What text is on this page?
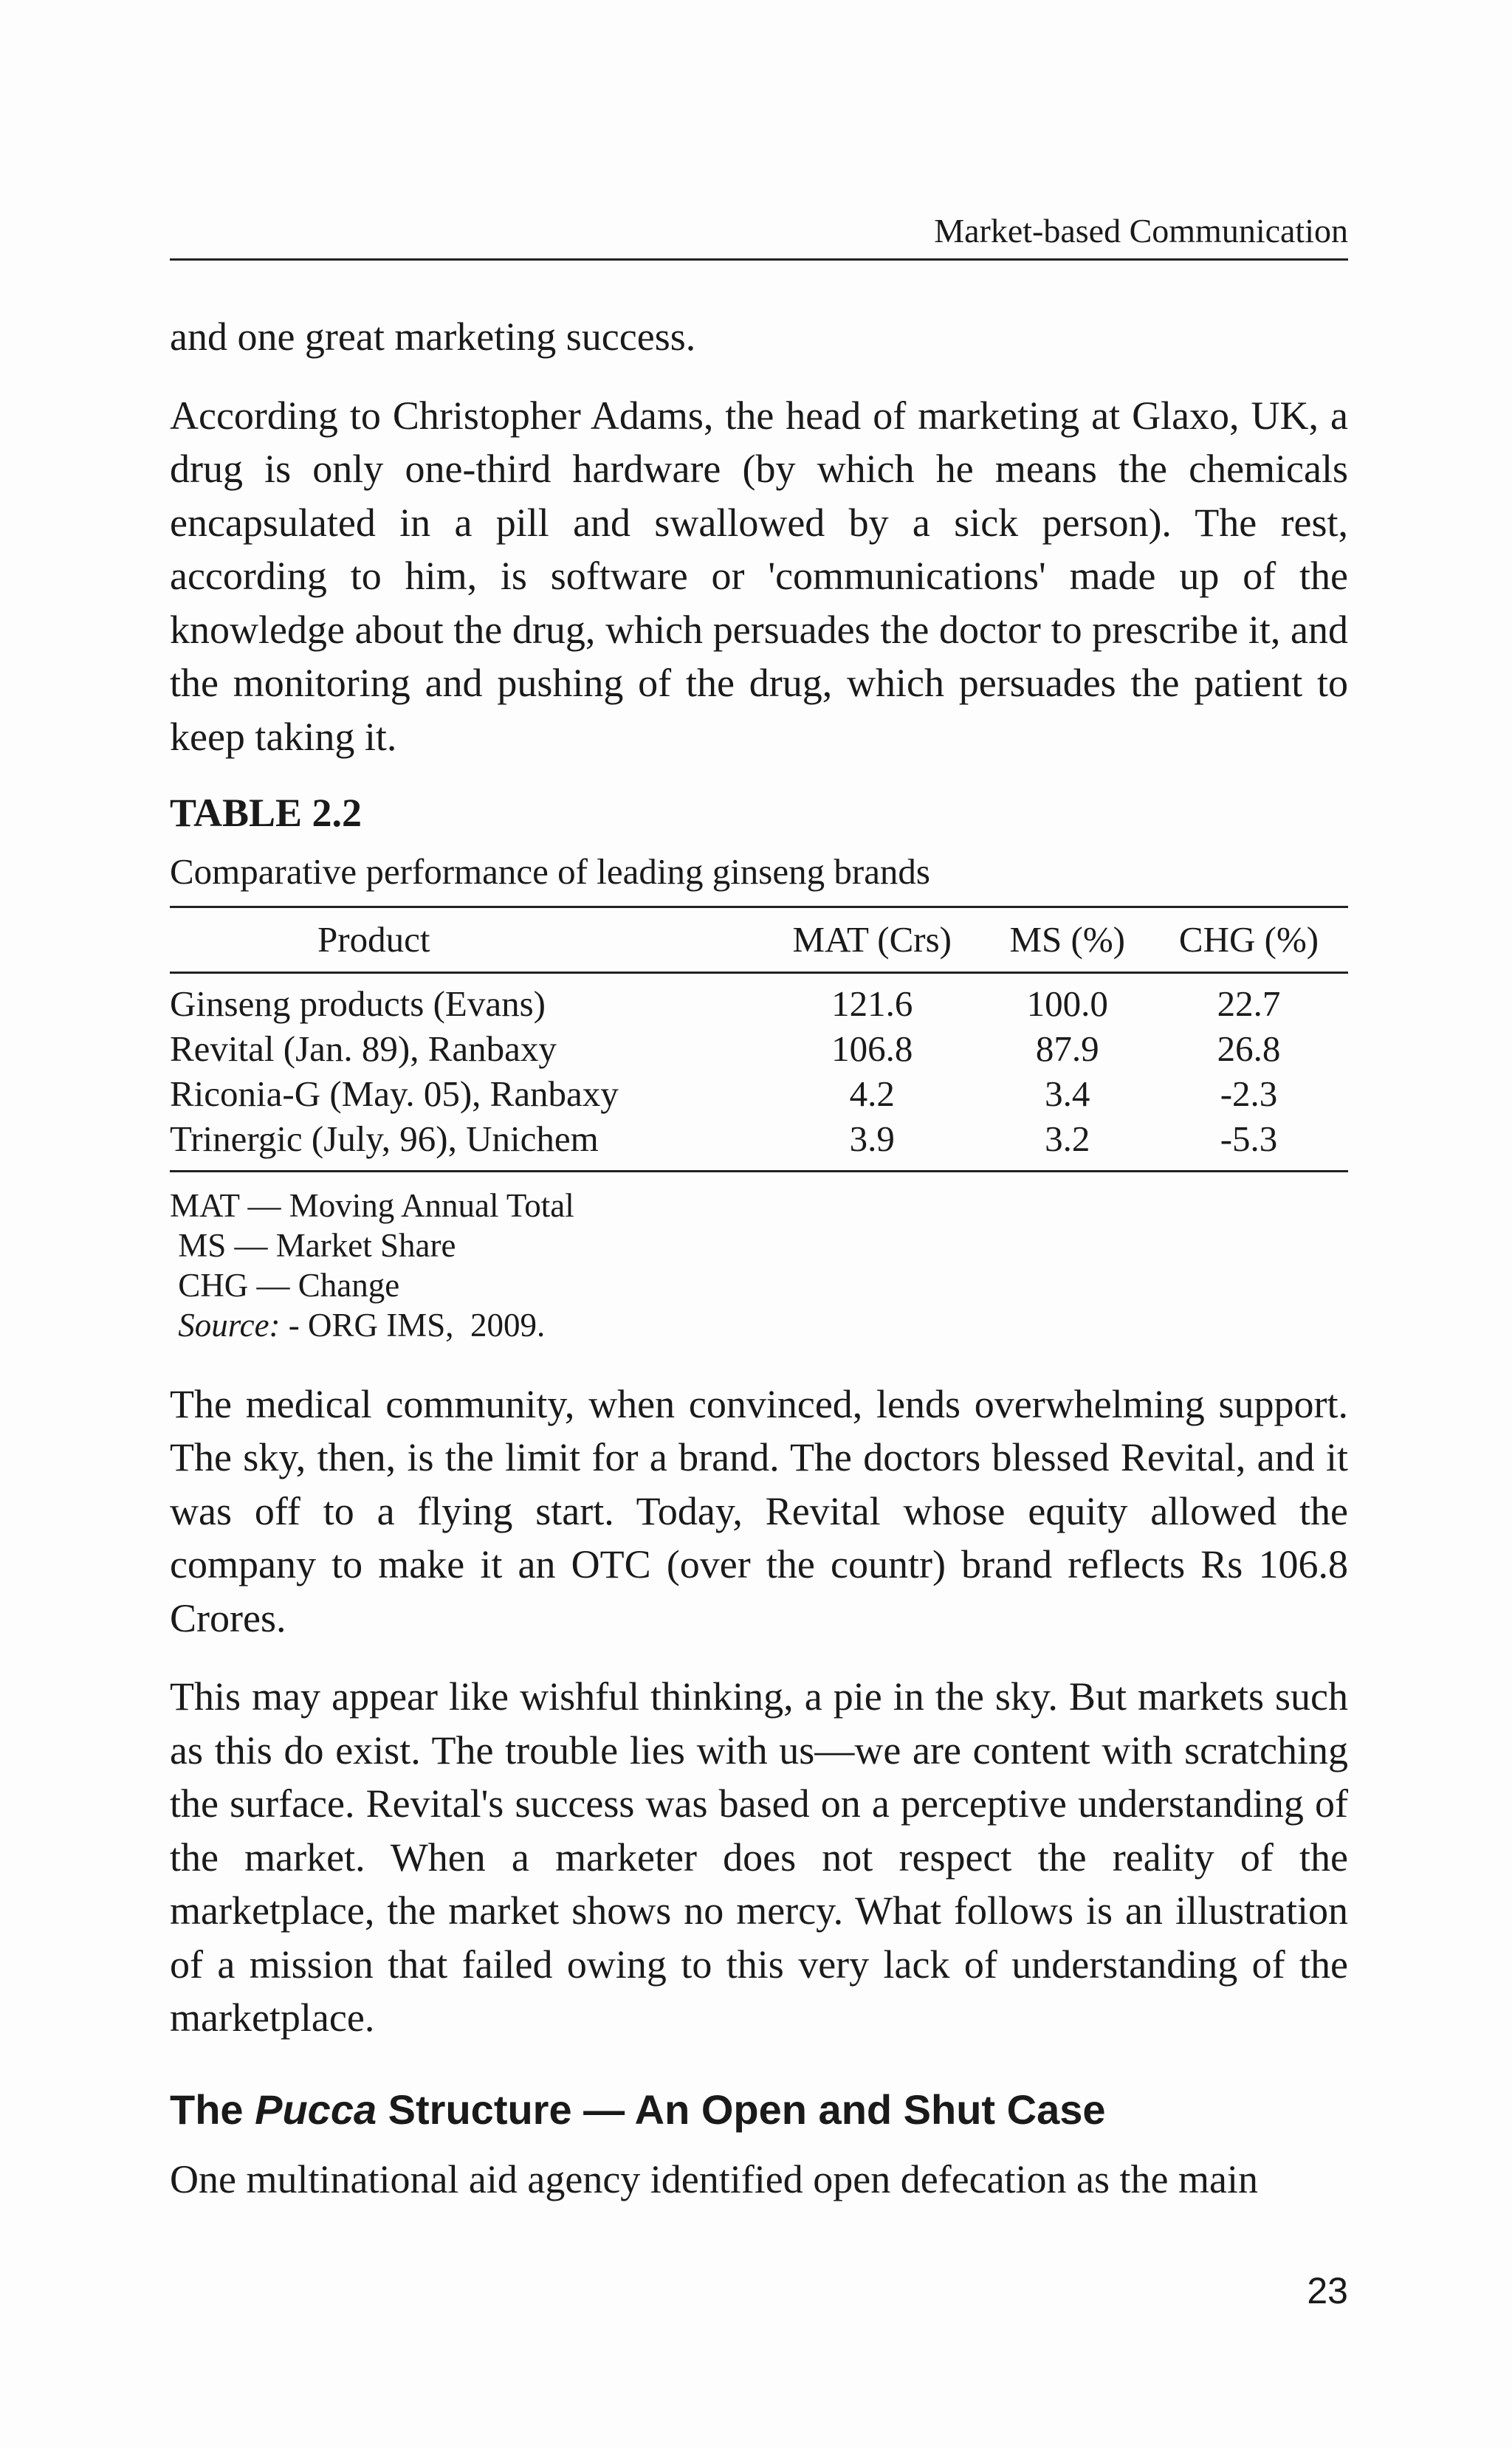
Market-based Communication

and one great marketing success.

According to Christopher Adams, the head of marketing at Glaxo, UK, a drug is only one-third hardware (by which he means the chemicals encapsulated in a pill and swallowed by a sick person). The rest, according to him, is software or 'communications' made up of the knowledge about the drug, which persuades the doctor to prescribe it, and the monitoring and pushing of the drug, which persuades the patient to keep taking it.

TABLE 2.2
Comparative performance of leading ginseng brands
Product	MAT (Crs)	MS (%)	CHG (%)
Ginseng products (Evans)	121.6	100.0	22.7
Revital (Jan. 89), Ranbaxy	106.8	87.9	26.8
Riconia-G (May. 05), Ranbaxy	4.2	3.4	-2.3
Trinergic (July, 96), Unichem	3.9	3.2	-5.3
MAT — Moving Annual Total
MS — Market Share
CHG — Change
Source: - ORG IMS,  2009.

The medical community, when convinced, lends overwhelming support. The sky, then, is the limit for a brand. The doctors blessed Revital, and it was off to a flying start. Today, Revital whose equity allowed the company to make it an OTC (over the countr) brand reflects Rs 106.8 Crores.

This may appear like wishful thinking, a pie in the sky. But markets such as this do exist. The trouble lies with us—we are content with scratching the surface. Revital's success was based on a perceptive understanding of the market. When a marketer does not respect the reality of the marketplace, the market shows no mercy. What follows is an illustration of a mission that failed owing to this very lack of understanding of the marketplace.

The Pucca Structure — An Open and Shut Case

One multinational aid agency identified open defecation as the main

23
